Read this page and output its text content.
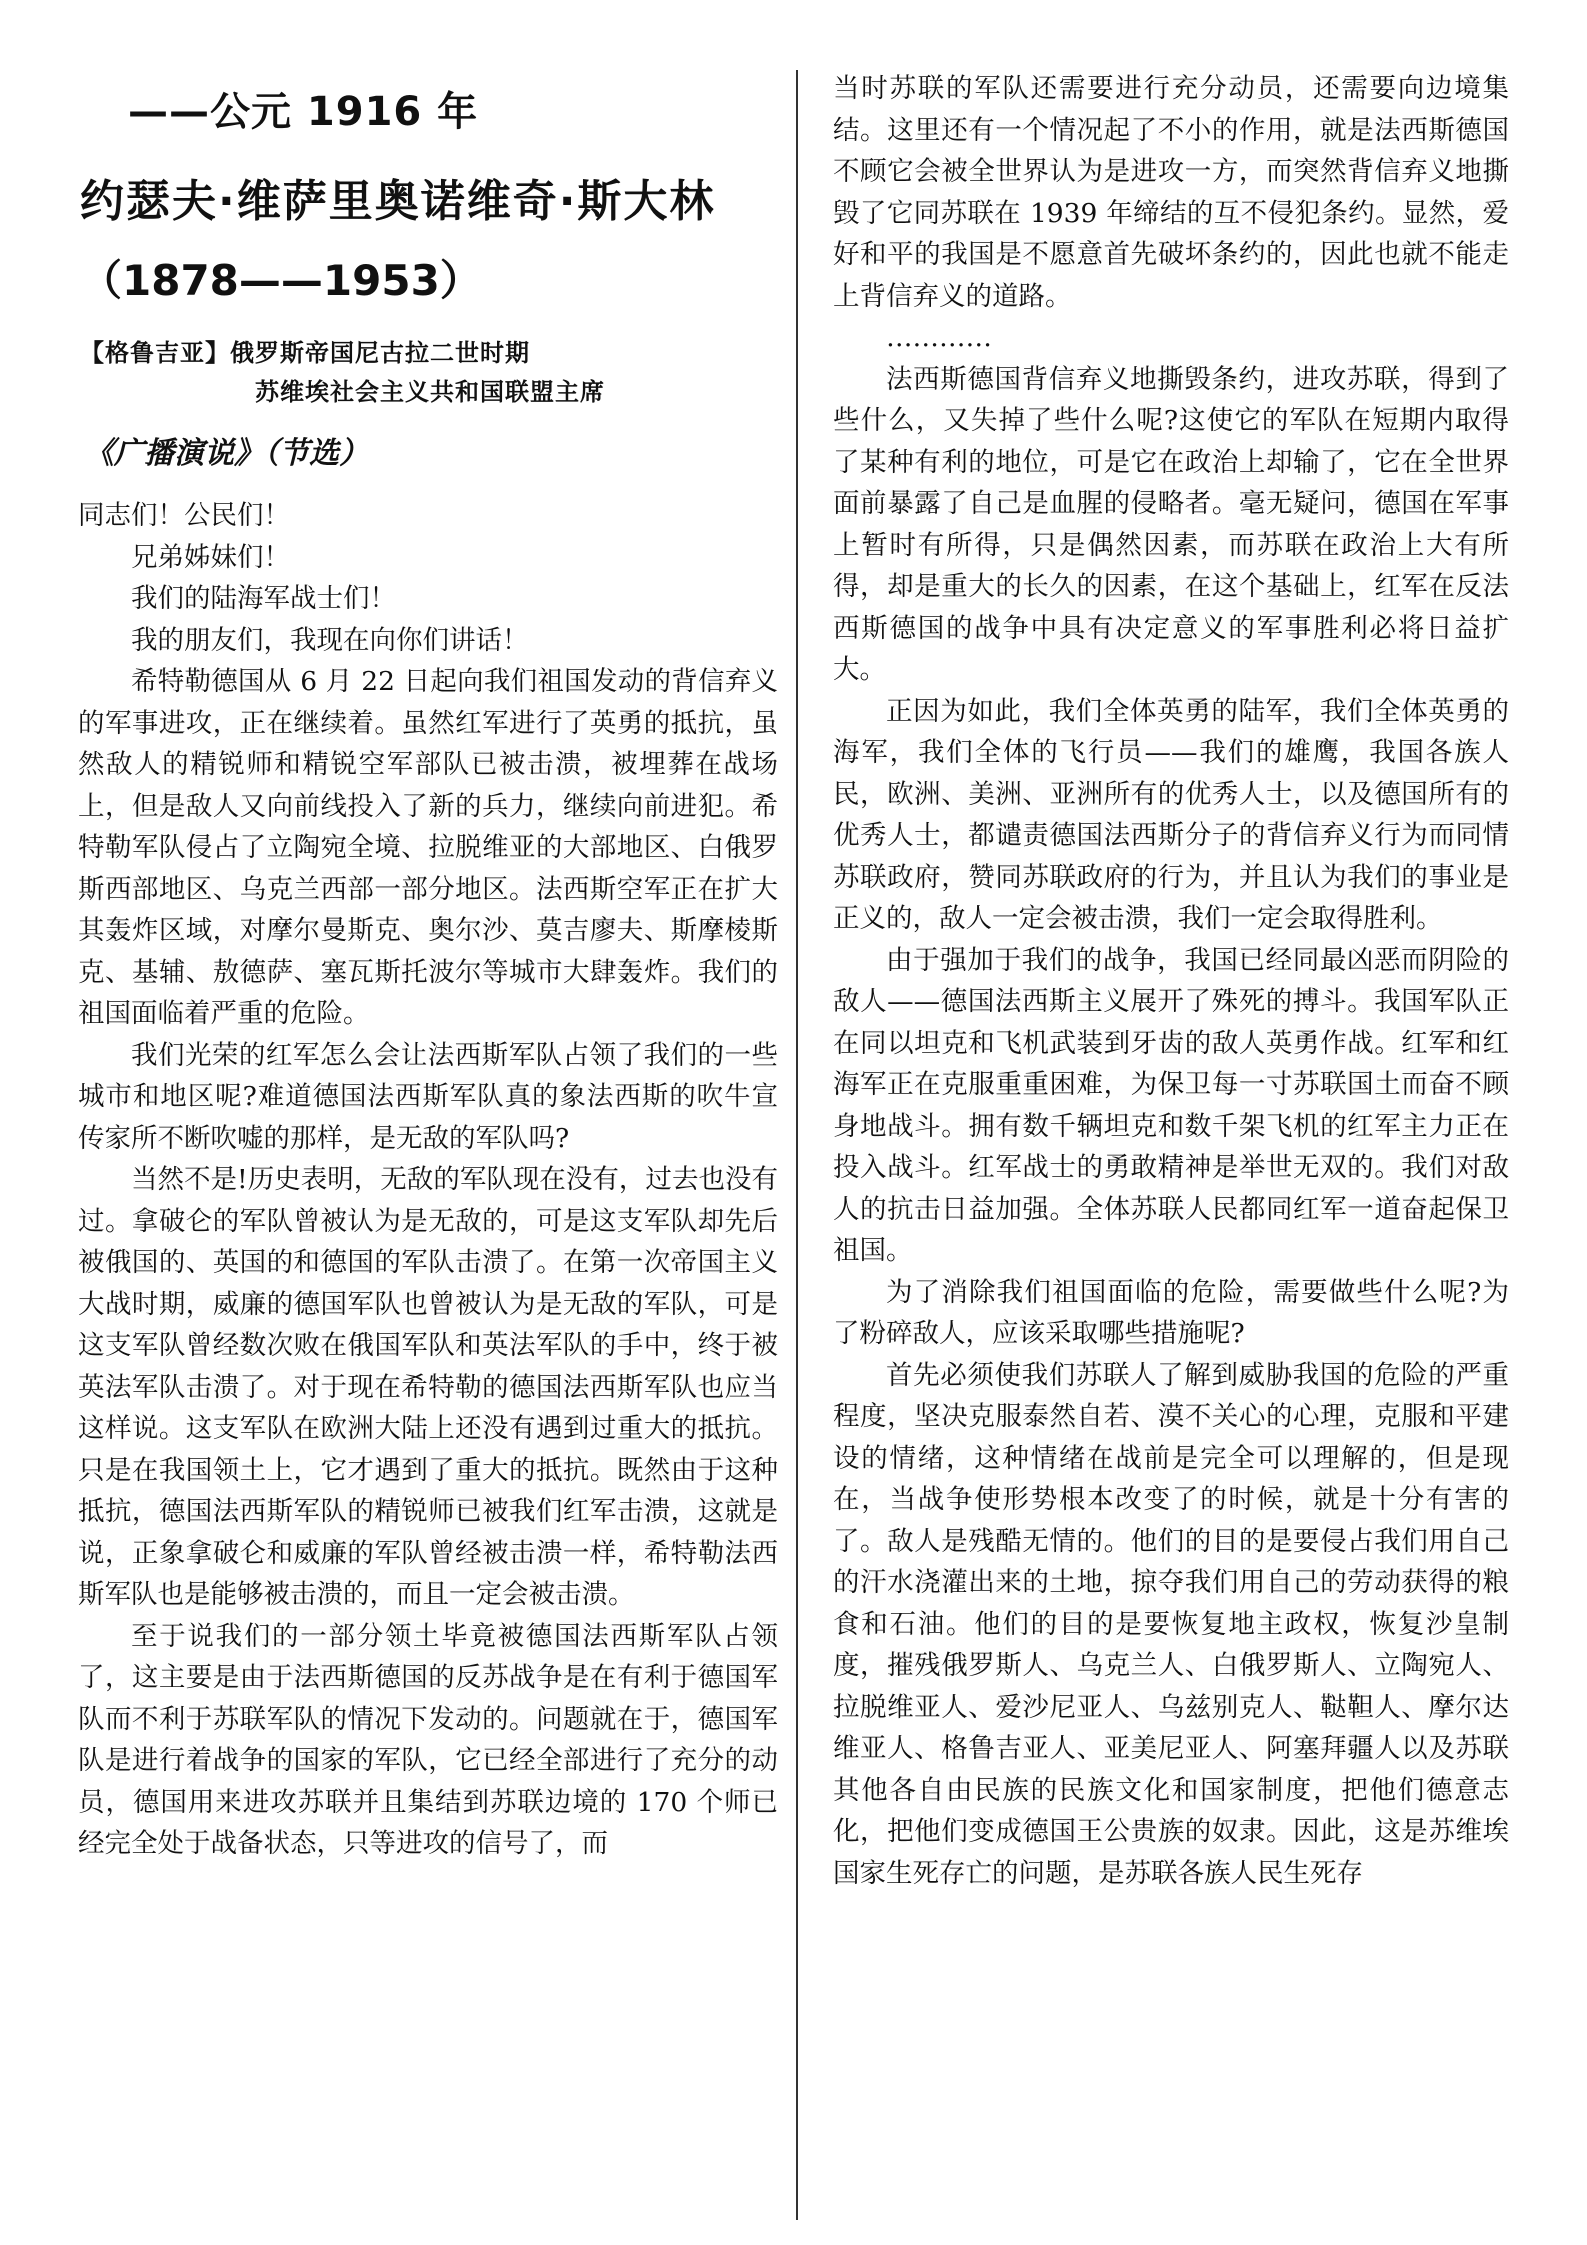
——公元 1916 年
约瑟夫·维萨里奥诺维奇·斯大林
（1878——1953）
【格鲁吉亚】俄罗斯帝国尼古拉二世时期
苏维埃社会主义共和国联盟主席
《广播演说》（节选）

同志们！公民们！

兄弟姊妹们！

我们的陆海军战士们！

我的朋友们，我现在向你们讲话！

希特勒德国从 6 月 22 日起向我们祖国发动的背信弃义的军事进攻，正在继续着。虽然红军进行了英勇的抵抗，虽然敌人的精锐师和精锐空军部队已被击溃，被埋葬在战场上，但是敌人又向前线投入了新的兵力，继续向前进犯。希特勒军队侵占了立陶宛全境、拉脱维亚的大部地区、白俄罗斯西部地区、乌克兰西部一部分地区。法西斯空军正在扩大其轰炸区域，对摩尔曼斯克、奥尔沙、莫吉廖夫、斯摩棱斯克、基辅、敖德萨、塞瓦斯托波尔等城市大肆轰炸。我们的祖国面临着严重的危险。

我们光荣的红军怎么会让法西斯军队占领了我们的一些城市和地区呢?难道德国法西斯军队真的象法西斯的吹牛宣传家所不断吹嘘的那样，是无敌的军队吗?

当然不是!历史表明，无敌的军队现在没有，过去也没有过。拿破仑的军队曾被认为是无敌的，可是这支军队却先后被俄国的、英国的和德国的军队击溃了。在第一次帝国主义大战时期，威廉的德国军队也曾被认为是无敌的军队，可是这支军队曾经数次败在俄国军队和英法军队的手中，终于被英法军队击溃了。对于现在希特勒的德国法西斯军队也应当这样说。这支军队在欧洲大陆上还没有遇到过重大的抵抗。只是在我国领土上，它才遇到了重大的抵抗。既然由于这种抵抗，德国法西斯军队的精锐师已被我们红军击溃，这就是说，正象拿破仑和威廉的军队曾经被击溃一样，希特勒法西斯军队也是能够被击溃的，而且一定会被击溃。

至于说我们的一部分领土毕竟被德国法西斯军队占领了，这主要是由于法西斯德国的反苏战争是在有利于德国军队而不利于苏联军队的情况下发动的。问题就在于，德国军队是进行着战争的国家的军队，它已经全部进行了充分的动员，德国用来进攻苏联并且集结到苏联边境的 170 个师已经完全处于战备状态，只等进攻的信号了，而

当时苏联的军队还需要进行充分动员，还需要向边境集结。这里还有一个情况起了不小的作用，就是法西斯德国不顾它会被全世界认为是进攻一方，而突然背信弃义地撕毁了它同苏联在 1939 年缔结的互不侵犯条约。显然，爱好和平的我国是不愿意首先破坏条约的，因此也就不能走上背信弃义的道路。

…………

法西斯德国背信弃义地撕毁条约，进攻苏联，得到了些什么，又失掉了些什么呢?这使它的军队在短期内取得了某种有利的地位，可是它在政治上却输了，它在全世界面前暴露了自己是血腥的侵略者。毫无疑问，德国在军事上暂时有所得，只是偶然因素，而苏联在政治上大有所得，却是重大的长久的因素，在这个基础上，红军在反法西斯德国的战争中具有决定意义的军事胜利必将日益扩大。

正因为如此，我们全体英勇的陆军，我们全体英勇的海军，我们全体的飞行员——我们的雄鹰，我国各族人民，欧洲、美洲、亚洲所有的优秀人士，以及德国所有的优秀人士，都谴责德国法西斯分子的背信弃义行为而同情苏联政府，赞同苏联政府的行为，并且认为我们的事业是正义的，敌人一定会被击溃，我们一定会取得胜利。

由于强加于我们的战争，我国已经同最凶恶而阴险的敌人——德国法西斯主义展开了殊死的搏斗。我国军队正在同以坦克和飞机武装到牙齿的敌人英勇作战。红军和红海军正在克服重重困难，为保卫每一寸苏联国土而奋不顾身地战斗。拥有数千辆坦克和数千架飞机的红军主力正在投入战斗。红军战士的勇敢精神是举世无双的。我们对敌人的抗击日益加强。全体苏联人民都同红军一道奋起保卫祖国。

为了消除我们祖国面临的危险，需要做些什么呢?为了粉碎敌人，应该采取哪些措施呢?

首先必须使我们苏联人了解到威胁我国的危险的严重程度，坚决克服泰然自若、漠不关心的心理，克服和平建设的情绪，这种情绪在战前是完全可以理解的，但是现在，当战争使形势根本改变了的时候，就是十分有害的了。敌人是残酷无情的。他们的目的是要侵占我们用自己的汗水浇灌出来的土地，掠夺我们用自己的劳动获得的粮食和石油。他们的目的是要恢复地主政权，恢复沙皇制度，摧残俄罗斯人、乌克兰人、白俄罗斯人、立陶宛人、拉脱维亚人、爱沙尼亚人、乌兹别克人、鞑靼人、摩尔达维亚人、格鲁吉亚人、亚美尼亚人、阿塞拜疆人以及苏联其他各自由民族的民族文化和国家制度，把他们德意志化，把他们变成德国王公贵族的奴隶。因此，这是苏维埃国家生死存亡的问题，是苏联各族人民生死存
